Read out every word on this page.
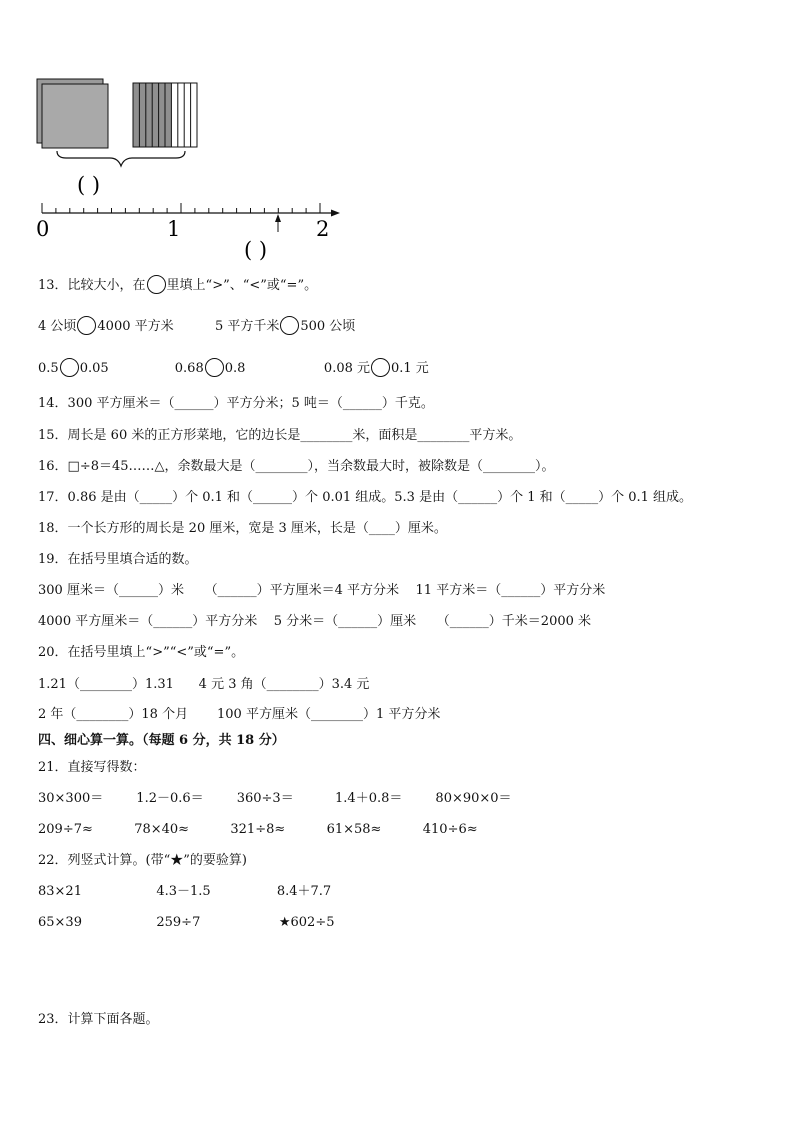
( )
0	1	2
( )
13．比较大小，在 里填上“>”、“<”或“=”。
4 公顷 4000 平方米	5 平方千米 500 公顷
0.5 0.05	0.68 0.8	0.08 元 0.1 元
14．300 平方厘米＝（______）平方分米；5 吨＝（______）千克。
15．周长是 60 米的正方形菜地，它的边长是________米，面积是________平方米。
16．□÷8＝45……△，余数最大是（________），当余数最大时，被除数是（________）。
17．0.86 是由（_____）个 0.1 和（______）个 0.01 组成。5.3 是由（______）个 1 和（_____）个 0.1 组成。
18．一个长方形的周长是 20 厘米，宽是 3 厘米，长是（____）厘米。
19．在括号里填合适的数。
300 厘米＝（______）米     （______）平方厘米＝4 平方分米    11 平方米＝（______）平方分米
4000 平方厘米＝（______）平方分米    5 分米＝（______）厘米     （______）千米＝2000 米
20．在括号里填上“>”“<”或“=”。
1.21（________）1.31      4 元 3 角（________）3.4 元
2 年（________）18 个月       100 平方厘米（________）1 平方分米
四、细心算一算。（每题 6 分，共 18 分）
21．直接写得数：
30×300＝        1.2－0.6＝        360÷3＝          1.4＋0.8＝        80×90×0＝
209÷7≈          78×40≈          321÷8≈          61×58≈          410÷6≈
22．列竖式计算。(带“★”的要验算)
83×21                  4.3－1.5                8.4＋7.7
65×39                  259÷7                   ★602÷5
23．计算下面各题。
